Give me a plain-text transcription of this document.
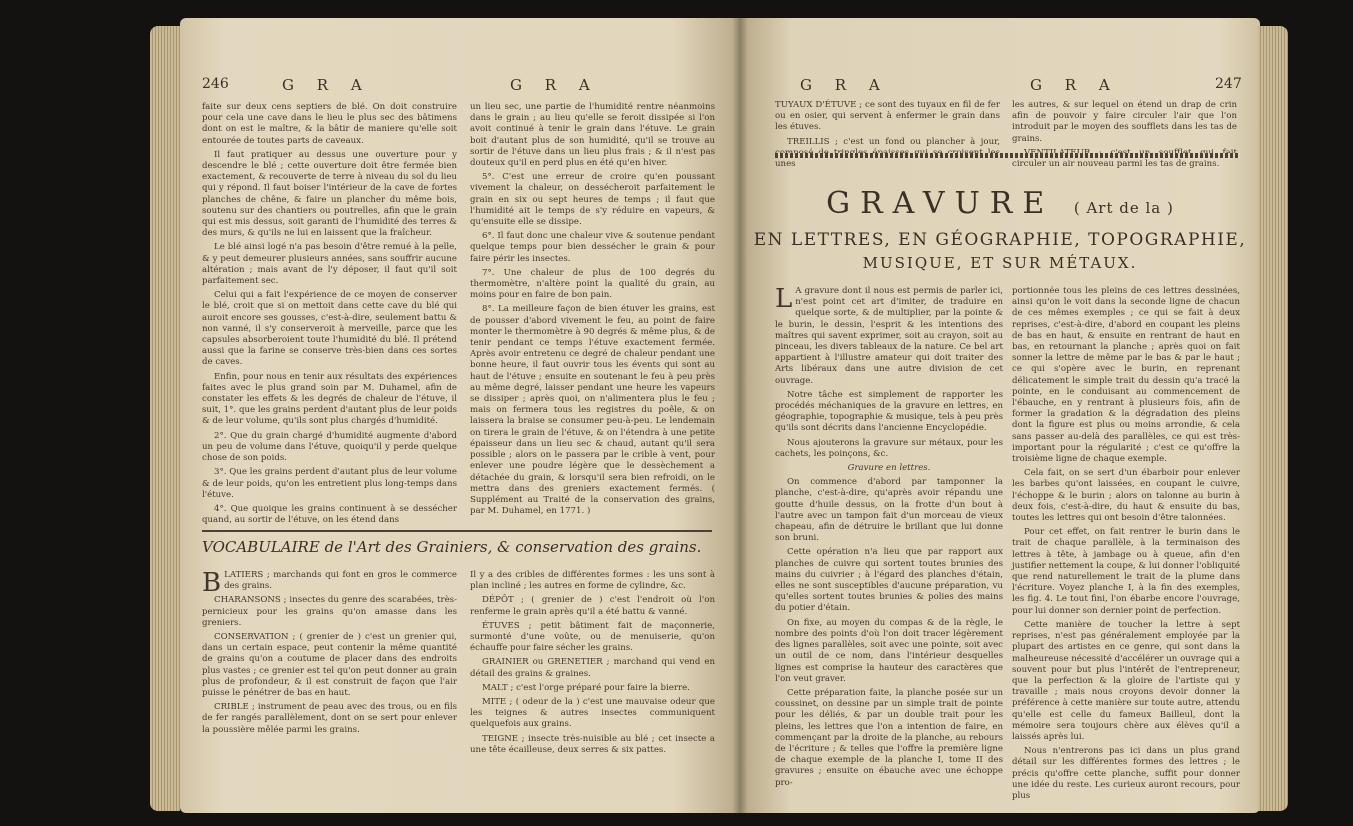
246	G R A	G R A

faite sur deux cens septiers de blé. On doit construire pour cela une cave dans le lieu le plus sec des bâtimens dont on est le maître, & la bâtir de maniere qu'elle soit entourée de toutes parts de caveaux.

Il faut pratiquer au dessus une ouverture pour y descendre le blé ; cette ouverture doit être fermée bien exactement, & recouverte de terre à niveau du sol du lieu qui y répond. Il faut boiser l'intérieur de la cave de fortes planches de chêne, & faire un plancher du même bois, soutenu sur des chantiers ou poutrelles, afin que le grain qui est mis dessus, soit garanti de l'humidité des terres & des murs, & qu'ils ne lui en laissent que la fraîcheur.

Le blé ainsi logé n'a pas besoin d'être remué à la pelle, & y peut demeurer plusieurs années, sans souffrir aucune altération ; mais avant de l'y déposer, il faut qu'il soit parfaitement sec.

Celui qui a fait l'expérience de ce moyen de conserver le blé, croit que si on mettoit dans cette cave du blé qui auroit encore ses gousses, c'est-à-dire, seulement battu & non vanné, il s'y conserveroit à merveille, parce que les capsules absorberoient toute l'humidité du blé. Il prétend aussi que la farine se conserve très-bien dans ces sortes de caves.

Enfin, pour nous en tenir aux résultats des expériences faites avec le plus grand soin par M. Duhamel, afin de constater les effets & les degrés de chaleur de l'étuve, il suit, 1°. que les grains perdent d'autant plus de leur poids & de leur volume, qu'ils sont plus chargés d'humidité.

2°. Que du grain chargé d'humidité augmente d'abord un peu de volume dans l'étuve, quoiqu'il y perde quelque chose de son poids.

3°. Que les grains perdent d'autant plus de leur volume & de leur poids, qu'on les entretient plus long-temps dans l'étuve.

4°. Que quoique les grains continuent à se dessécher quand, au sortir de l'étuve, on les étend dans

un lieu sec, une partie de l'humidité rentre néanmoins dans le grain ; au lieu qu'elle se feroit dissipée si l'on avoit continué à tenir le grain dans l'étuve. Le grain boit d'autant plus de son humidité, qu'il se trouve au sortir de l'étuve dans un lieu plus frais ; & il n'est pas douteux qu'il en perd plus en été qu'en hiver.

5°. C'est une erreur de croire qu'en poussant vivement la chaleur, on dessécheroit parfaitement le grain en six ou sept heures de temps ; il faut que l'humidité ait le temps de s'y réduire en vapeurs, & qu'ensuite elle se dissipe.

6°. Il faut donc une chaleur vive & soutenue pendant quelque temps pour bien dessécher le grain & pour faire périr les insectes.

7°. Une chaleur de plus de 100 degrés du thermomètre, n'altère point la qualité du grain, au moins pour en faire de bon pain.

8°. La meilleure façon de bien étuver les grains, est de pousser d'abord vivement le feu, au point de faire monter le thermomètre à 90 degrés & même plus, & de tenir pendant ce temps l'étuve exactement fermée. Après avoir entretenu ce degré de chaleur pendant une bonne heure, il faut ouvrir tous les évents qui sont au haut de l'étuve ; ensuite en soutenant le feu à peu près au même degré, laisser pendant une heure les vapeurs se dissiper ; après quoi, on n'alimentera plus le feu ; mais on fermera tous les registres du poêle, & on laissera la braise se consumer peu-à-peu. Le lendemain on tirera le grain de l'étuve, & on l'étendra à une petite épaisseur dans un lieu sec & chaud, autant qu'il sera possible ; alors on le passera par le crible à vent, pour enlever une poudre légère que le dessèchement a détachée du grain, & lorsqu'il sera bien refroidi, on le mettra dans des greniers exactement fermés. ( Supplément au Traité de la conservation des grains, par M. Duhamel, en 1771. )

BLATIERS ; marchands qui font en gros le commerce des grains.

CHARANSONS ; insectes du genre des scarabées, très-pernicieux pour les grains qu'on amasse dans les greniers.

CONSERVATION ; ( grenier de ) c'est un grenier qui, dans un certain espace, peut contenir la même quantité de grains qu'on a coutume de placer dans des endroits plus vastes ; ce grenier est tel qu'on peut donner au grain plus de profondeur, & il est construit de façon que l'air puisse le pénétrer de bas en haut.

CRIBLE ; instrument de peau avec des trous, ou en fils de fer rangés parallèlement, dont on se sert pour enlever la poussière mêlée parmi les grains.

Il y a des cribles de différentes formes : les uns sont à plan incliné ; les autres en forme de cylindre, &c.

DÉPÔT ; ( grenier de ) c'est l'endroit où l'on renferme le grain après qu'il a été battu & vanné.

ÉTUVES ; petit bâtiment fait de maçonnerie, surmonté d'une voûte, ou de menuiserie, qu'on échauffe pour faire sécher les grains.

GRAINIER ou GRENETIER ; marchand qui vend en détail des grains & graines.

MALT ; c'est l'orge préparé pour faire la bierre.

MITE ; ( odeur de la ) c'est une mauvaise odeur que les teignes & autres insectes communiquent quelquefois aux grains.

TEIGNE ; insecte très-nuisible au blé ; cet insecte a une tête écailleuse, deux serres & six pattes.

VOCABULAIRE de l'Art des Grainiers, & conservation des grains.
G R A	G R A	247

TUYAUX D'ÉTUVE ; ce sont des tuyaux en fil de fer ou en osier, qui servent à enfermer le grain dans les étuves.

TREILLIS ; c'est un fond ou plancher à jour, unes

les autres, & sur lequel on étend un drap de crin afin de pouvoir y faire circuler l'air que l'on introduit par le moyen des soufflets dans les tas de grains.

circuler un air nouveau parmi les tas de grains.

GRAVURE ( Art de la )
EN LETTRES, EN GÉOGRAPHIE, TOPOGRAPHIE,
MUSIQUE, ET SUR MÉTAUX.

L A gravure dont il nous est permis de parler ici, n'est point cet art d'imiter, de traduire en quelque sorte, & de multiplier, par la pointe & le burin, le dessin, l'esprit & les intentions des maîtres qui savent exprimer, soit au crayon, soit au pinceau, les divers tableaux de la nature. Ce bel art appartient à l'illustre amateur qui doit traiter des Arts libéraux dans une autre division de cet ouvrage.

Notre tâche est simplement de rapporter les procédés méchaniques de la gravure en lettres, en géographie, topographie & musique, tels à peu près qu'ils sont décrits dans l'ancienne Encyclopédie.

Nous ajouterons la gravure sur métaux, pour les cachets, les poinçons, &c.

Gravure en lettres.

On commence d'abord par tamponner la planche, c'est-à-dire, qu'après avoir répandu une goutte d'huile dessus, on la frotte d'un bout à l'autre avec un tampon fait d'un morceau de vieux chapeau, afin de détruire le brillant que lui donne son bruni.

Cette opération n'a lieu que par rapport aux planches de cuivre qui sortent toutes brunies des mains du cuivrier ; à l'égard des planches d'étain, elles ne sont susceptibles d'aucune préparation, vu qu'elles sortent toutes brunies & polies des mains du potier d'étain.

On fixe, au moyen du compas & de la règle, le nombre des points d'où l'on doit tracer légèrement des lignes parallèles, soit avec une pointe, soit avec un outil de ce nom, dans l'intérieur desquelles lignes est comprise la hauteur des caractères que l'on veut graver.

Cette préparation faite, la planche posée sur un coussinet, on dessine par un simple trait de pointe pour les déliés, & par un double trait pour les pleins, les lettres que l'on a intention de faire, en commençant par la droite de la planche, au rebours de l'écriture ; & telles que l'offre la première ligne de chaque exemple de la planche I, tome II des gravures ; ensuite on ébauche avec une échoppe pro-

portionnée tous les pleins de ces lettres dessinées, ainsi qu'on le voit dans la seconde ligne de chacun de ces mêmes exemples ; ce qui se fait à deux reprises, c'est-à-dire, d'abord en coupant les pleins de bas en haut, & ensuite en rentrant de haut en bas, en retournant la planche ; après quoi on fait sonner la lettre de même par le bas & par le haut ; ce qui s'opère avec le burin, en reprenant délicatement le simple trait du dessin qu'a tracé la pointe, en le conduisant au commencement de l'ébauche, en y rentrant à plusieurs fois, afin de former la gradation & la dégradation des pleins dont la figure est plus ou moins arrondie, & cela sans passer au-delà des parallèles, ce qui est très-important pour la régularité ; c'est ce qu'offre la troisième ligne de chaque exemple.

Cela fait, on se sert d'un ébarboir pour enlever les barbes qu'ont laissées, en coupant le cuivre, l'échoppe & le burin ; alors on talonne au burin à deux fois, c'est-à-dire, du haut & ensuite du bas, toutes les lettres qui ont besoin d'être talonnées.

Pour cet effet, on fait rentrer le burin dans le trait de chaque parallèle, à la terminaison des lettres à tête, à jambage ou à queue, afin d'en justifier nettement la coupe, & lui donner l'obliquité que rend naturellement le trait de la plume dans l'écriture. Voyez planche I, à la fin des exemples, les fig. 4. Le tout fini, l'on ébarbe encore l'ouvrage, pour lui donner son dernier point de perfection.

Cette manière de toucher la lettre à sept reprises, n'est pas généralement employée par la plupart des artistes en ce genre, qui sont dans la malheureuse nécessité d'accélérer un ouvrage qui a souvent pour but plus l'intérêt de l'entrepreneur, que la perfection & la gloire de l'artiste qui y travaille ; mais nous croyons devoir donner la préférence à cette manière sur toute autre, attendu qu'elle est celle du fameux Bailleul, dont la mémoire sera toujours chère aux élèves qu'il a laissés après lui.

Nous n'entrerons pas ici dans un plus grand détail sur les différentes formes des lettres ; le précis qu'offre cette planche, suffit pour donner une idée du reste. Les curieux auront recours, pour plus
